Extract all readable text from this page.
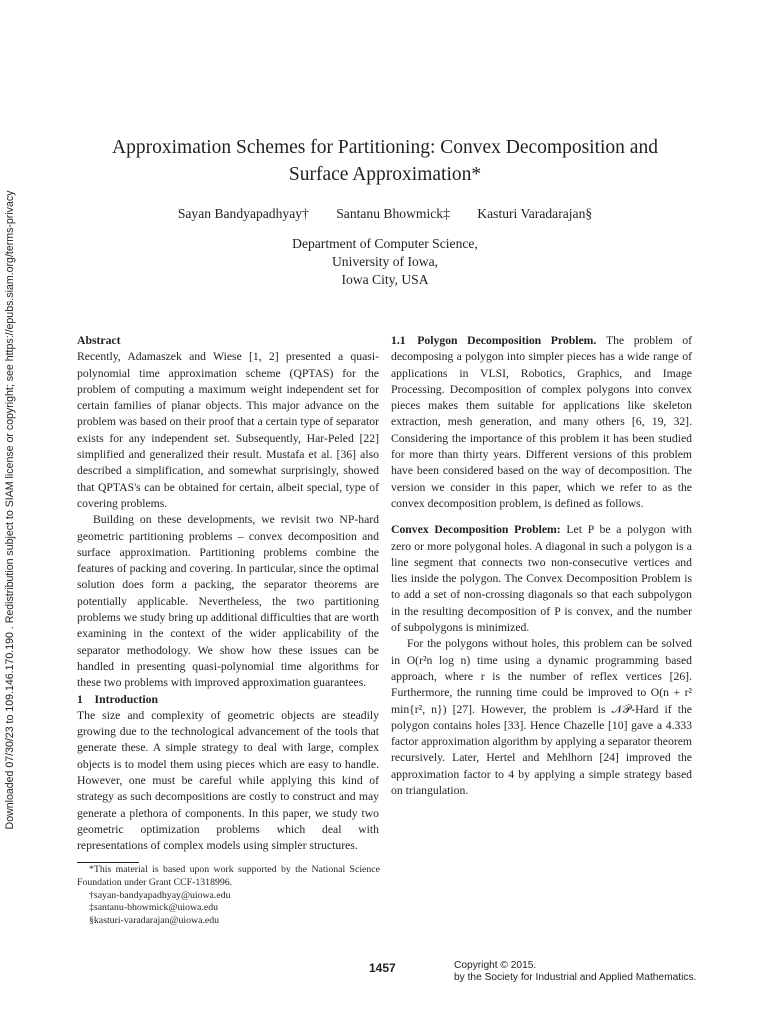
Downloaded 07/30/23 to 109.146.170.190 . Redistribution subject to SIAM license or copyright; see https://epubs.siam.org/terms-privacy
Approximation Schemes for Partitioning: Convex Decomposition and
Surface Approximation*
Sayan Bandyapadhyay† Santanu Bhowmick‡ Kasturi Varadarajan§
Department of Computer Science,
University of Iowa,
Iowa City, USA

Abstract

Recently, Adamaszek and Wiese [1, 2] presented a quasi-polynomial time approximation scheme (QPTAS) for the problem of computing a maximum weight independent set for certain families of planar objects. This major advance on the problem was based on their proof that a certain type of separator exists for any independent set. Subsequently, Har-Peled [22] simplified and generalized their result. Mustafa et al. [36] also described a simplification, and somewhat surprisingly, showed that QPTAS's can be obtained for certain, albeit special, type of covering problems.

Building on these developments, we revisit two NP-hard geometric partitioning problems – convex decomposition and surface approximation. Partitioning problems combine the features of packing and covering. In particular, since the optimal solution does form a packing, the separator theorems are potentially applicable. Nevertheless, the two partitioning problems we study bring up additional difficulties that are worth examining in the context of the wider applicability of the separator methodology. We show how these issues can be handled in presenting quasi-polynomial time algorithms for these two problems with improved approximation guarantees.

1 Introduction

The size and complexity of geometric objects are steadily growing due to the technological advancement of the tools that generate these. A simple strategy to deal with large, complex objects is to model them using pieces which are easy to handle. However, one must be careful while applying this kind of strategy as such decompositions are costly to construct and may generate a plethora of components. In this paper, we study two geometric optimization problems which deal with representations of complex models using simpler structures.

1.1 Polygon Decomposition Problem. The problem of decomposing a polygon into simpler pieces has a wide range of applications in VLSI, Robotics, Graphics, and Image Processing. Decomposition of complex polygons into convex pieces makes them suitable for applications like skeleton extraction, mesh generation, and many others [6, 19, 32]. Considering the importance of this problem it has been studied for more than thirty years. Different versions of this problem have been considered based on the way of decomposition. The version we consider in this paper, which we refer to as the convex decomposition problem, is defined as follows.

Convex Decomposition Problem: Let P be a polygon with zero or more polygonal holes. A diagonal in such a polygon is a line segment that connects two non-consecutive vertices and lies inside the polygon. The Convex Decomposition Problem is to add a set of non-crossing diagonals so that each subpolygon in the resulting decomposition of P is convex, and the number of subpolygons is minimized.

For the polygons without holes, this problem can be solved in O(r²n log n) time using a dynamic programming based approach, where r is the number of reflex vertices [26]. Furthermore, the running time could be improved to O(n + r² min{r², n}) [27]. However, the problem is 𝒩𝒫-Hard if the polygon contains holes [33]. Hence Chazelle [10] gave a 4.333 factor approximation algorithm by applying a separator theorem recursively. Later, Hertel and Mehlhorn [24] improved the approximation factor to 4 by applying a simple strategy based on triangulation.

*This material is based upon work supported by the National Science Foundation under Grant CCF-1318996.

†sayan-bandyapadhyay@uiowa.edu

‡santanu-bhowmick@uiowa.edu

§kasturi-varadarajan@uiowa.edu

1457	Copyright © 2015.
by the Society for Industrial and Applied Mathematics.
